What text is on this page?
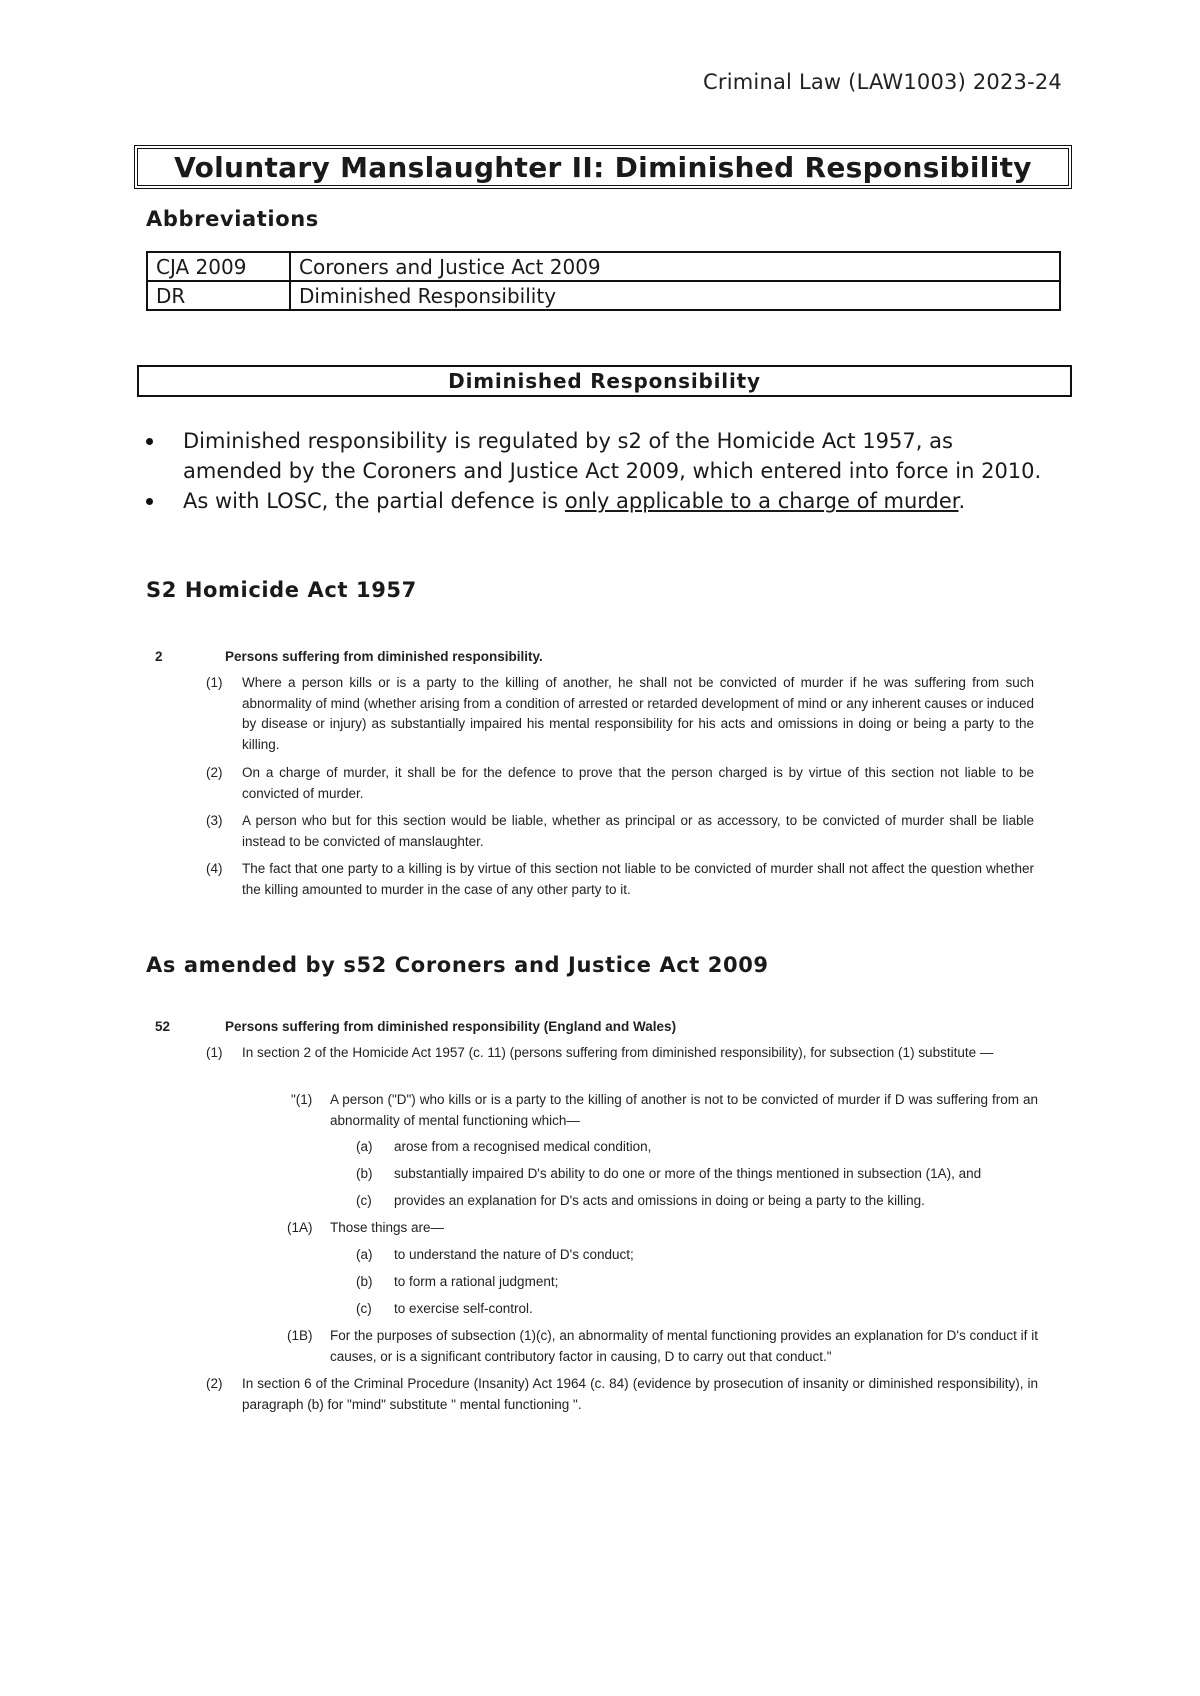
Criminal Law (LAW1003) 2023-24
Voluntary Manslaughter II: Diminished Responsibility
Abbreviations
CJA 2009	Coroners and Justice Act 2009
DR	Diminished Responsibility
Diminished Responsibility
Diminished responsibility is regulated by s2 of the Homicide Act 1957, as amended by the Coroners and Justice Act 2009, which entered into force in 2010.
As with LOSC, the partial defence is only applicable to a charge of murder.
S2 Homicide Act 1957
2	Persons suffering from diminished responsibility.
(1) Where a person kills or is a party to the killing of another, he shall not be convicted of murder if he was suffering from such abnormality of mind (whether arising from a condition of arrested or retarded development of mind or any inherent causes or induced by disease or injury) as substantially impaired his mental responsibility for his acts and omissions in doing or being a party to the killing.
(2) On a charge of murder, it shall be for the defence to prove that the person charged is by virtue of this section not liable to be convicted of murder.
(3) A person who but for this section would be liable, whether as principal or as accessory, to be convicted of murder shall be liable instead to be convicted of manslaughter.
(4) The fact that one party to a killing is by virtue of this section not liable to be convicted of murder shall not affect the question whether the killing amounted to murder in the case of any other party to it.
As amended by s52 Coroners and Justice Act 2009
52	Persons suffering from diminished responsibility (England and Wales)
(1) In section 2 of the Homicide Act 1957 (c. 11) (persons suffering from diminished responsibility), for subsection (1) substitute —
"(1) A person ("D") who kills or is a party to the killing of another is not to be convicted of murder if D was suffering from an abnormality of mental functioning which—
(a) arose from a recognised medical condition,
(b) substantially impaired D's ability to do one or more of the things mentioned in subsection (1A), and
(c) provides an explanation for D's acts and omissions in doing or being a party to the killing.
(1A) Those things are—
(a) to understand the nature of D's conduct;
(b) to form a rational judgment;
(c) to exercise self-control.
(1B) For the purposes of subsection (1)(c), an abnormality of mental functioning provides an explanation for D's conduct if it causes, or is a significant contributory factor in causing, D to carry out that conduct."
(2) In section 6 of the Criminal Procedure (Insanity) Act 1964 (c. 84) (evidence by prosecution of insanity or diminished responsibility), in paragraph (b) for "mind" substitute " mental functioning ".
